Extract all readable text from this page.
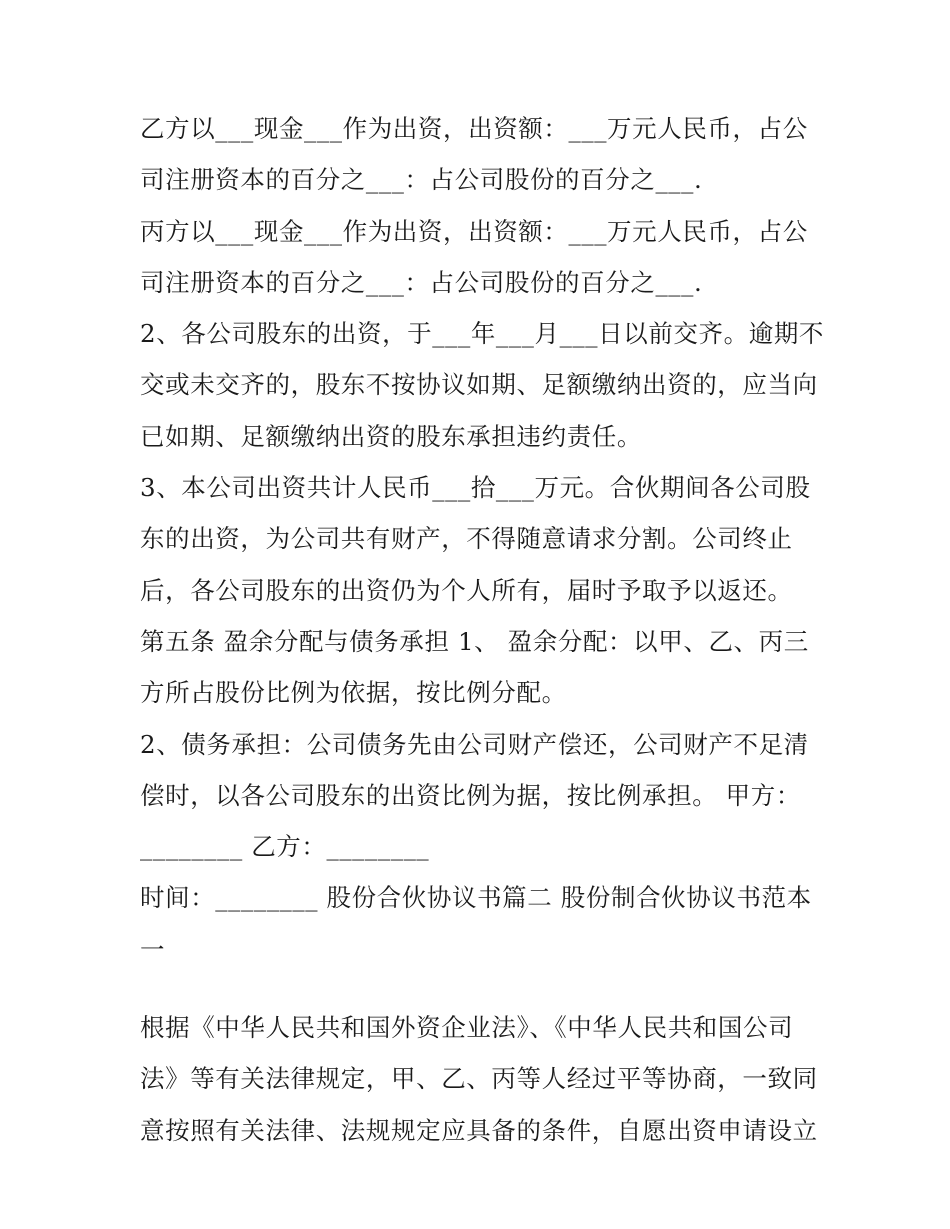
乙方以___现金___作为出资，出资额：___万元人民币，占公
司注册资本的百分之___：占公司股份的百分之___.
丙方以___现金___作为出资，出资额：___万元人民币，占公
司注册资本的百分之___：占公司股份的百分之___.
2、各公司股东的出资，于___年___月___日以前交齐。逾期不
交或未交齐的，股东不按协议如期、足额缴纳出资的，应当向
已如期、足额缴纳出资的股东承担违约责任。
3、本公司出资共计人民币___拾___万元。合伙期间各公司股
东的出资，为公司共有财产，不得随意请求分割。公司终止
后，各公司股东的出资仍为个人所有，届时予取予以返还。
第五条 盈余分配与债务承担 1、 盈余分配：以甲、乙、丙三
方所占股份比例为依据，按比例分配。
2、债务承担：公司债务先由公司财产偿还，公司财产不足清
偿时，以各公司股东的出资比例为据，按比例承担。 甲方：
________ 乙方：________
时间：________ 股份合伙协议书篇二 股份制合伙协议书范本
一
根据《中华人民共和国外资企业法》、《中华人民共和国公司
法》等有关法律规定，甲、乙、丙等人经过平等协商，一致同
意按照有关法律、法规规定应具备的条件，自愿出资申请设立
